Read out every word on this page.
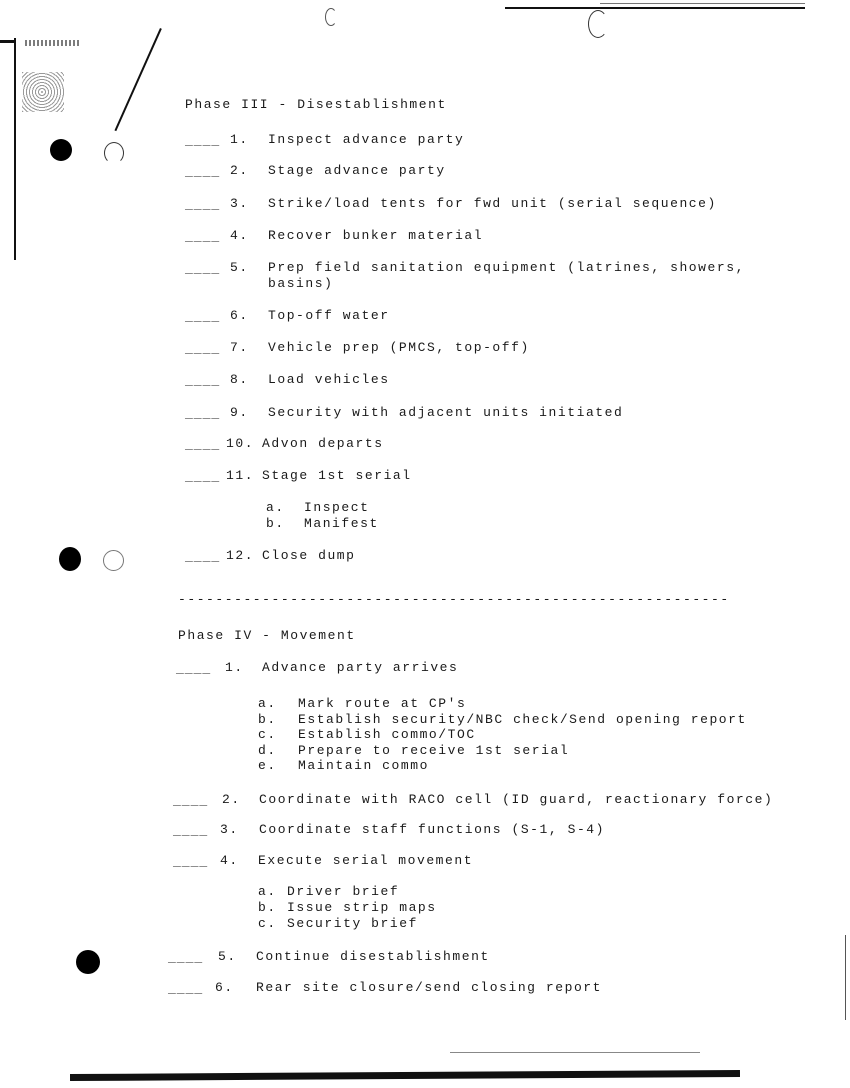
Phase III - Disestablishment
____ 1. Inspect advance party
____ 2. Stage advance party
____ 3. Strike/load tents for fwd unit (serial sequence)
____ 4. Recover bunker material
____ 5. Prep field sanitation equipment (latrines, showers,
basins)
____ 6. Top-off water
____ 7. Vehicle prep (PMCS, top-off)
____ 8. Load vehicles
____ 9. Security with adjacent units initiated
____ 10. Advon departs
____ 11. Stage 1st serial
a. Inspect
b. Manifest
____ 12. Close dump
-----------------------------------------------------------
Phase IV - Movement
____ 1. Advance party arrives
a. Mark route at CP's
b. Establish security/NBC check/Send opening report
c. Establish commo/TOC
d. Prepare to receive 1st serial
e. Maintain commo
____ 2. Coordinate with RACO cell (ID guard, reactionary force)
____ 3. Coordinate staff functions (S-1, S-4)
____ 4. Execute serial movement
a. Driver brief
b. Issue strip maps
c. Security brief
____ 5. Continue disestablishment
____ 6. Rear site closure/send closing report
